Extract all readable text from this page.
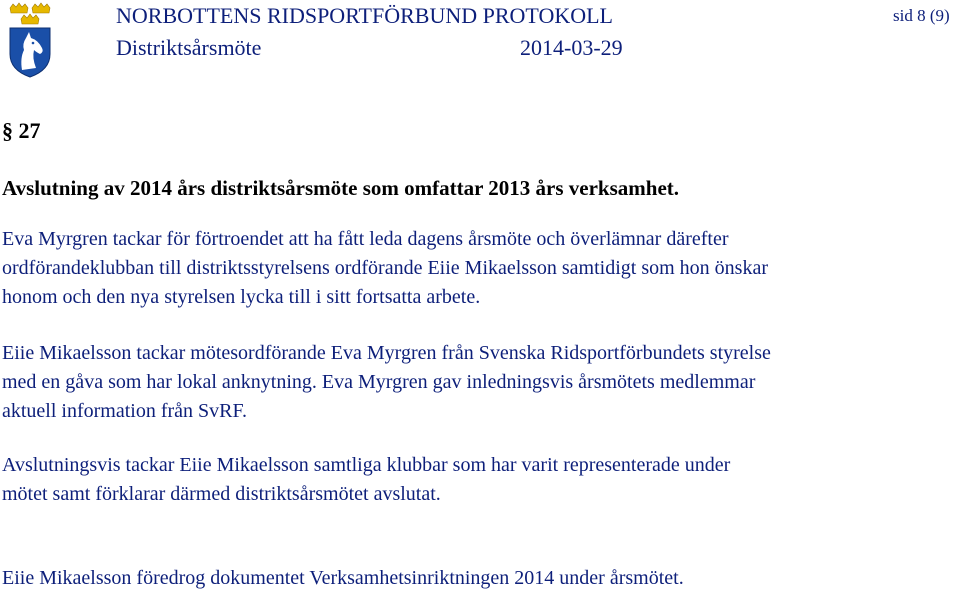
NORBOTTENS RIDSPORTFÖRBUND PROTOKOLL
Distriktsårsmöte	2014-03-29
sid 8 (9)
§ 27
Avslutning av 2014 års distriktsårsmöte som omfattar 2013 års verksamhet.
Eva Myrgren tackar för förtroendet att ha fått leda dagens årsmöte och överlämnar därefter
ordförandeklubban till distriktsstyrelsens ordförande Eiie Mikaelsson samtidigt som hon önskar
honom och den nya styrelsen lycka till i sitt fortsatta arbete.
Eiie Mikaelsson tackar mötesordförande Eva Myrgren från Svenska Ridsportförbundets styrelse
med en gåva som har lokal anknytning. Eva Myrgren gav inledningsvis årsmötets medlemmar
aktuell information från SvRF.
Avslutningsvis tackar Eiie Mikaelsson samtliga klubbar som har varit representerade under
mötet samt förklarar därmed distriktsårsmötet avslutat.
Eiie Mikaelsson föredrog dokumentet Verksamhetsinriktningen 2014 under årsmötet.
